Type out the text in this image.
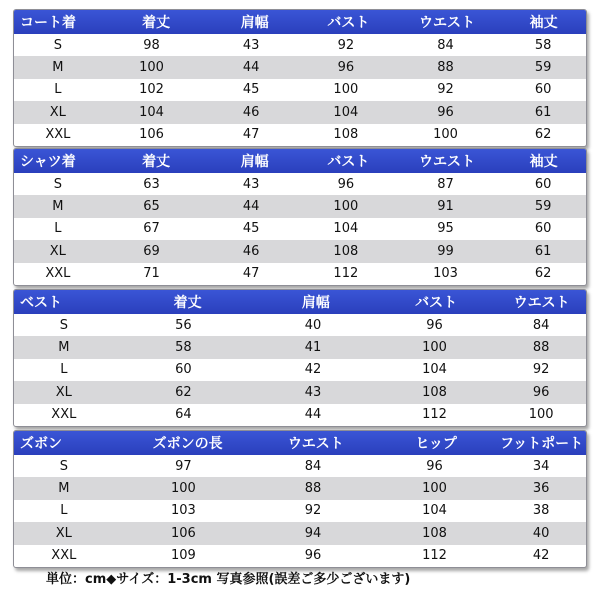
コート着	着丈	肩幅	バスト	ウエスト	袖丈
S	98	43	92	84	58
M	100	44	96	88	59
L	102	45	100	92	60
XL	104	46	104	96	61
XXL	106	47	108	100	62
シャツ着	着丈	肩幅	バスト	ウエスト	袖丈
S	63	43	96	87	60
M	65	44	100	91	59
L	67	45	104	95	60
XL	69	46	108	99	61
XXL	71	47	112	103	62
ベスト	着丈	肩幅	バスト	ウエスト
S	56	40	96	84
M	58	41	100	88
L	60	42	104	92
XL	62	43	108	96
XXL	64	44	112	100
ズボン	ズボンの長	ウエスト	ヒップ	フットポート
S	97	84	96	34
M	100	88	100	36
L	103	92	104	38
XL	106	94	108	40
XXL	109	96	112	42
単位：cm◆サイズ：1-3cm 写真参照(誤差ご多少ございます)
